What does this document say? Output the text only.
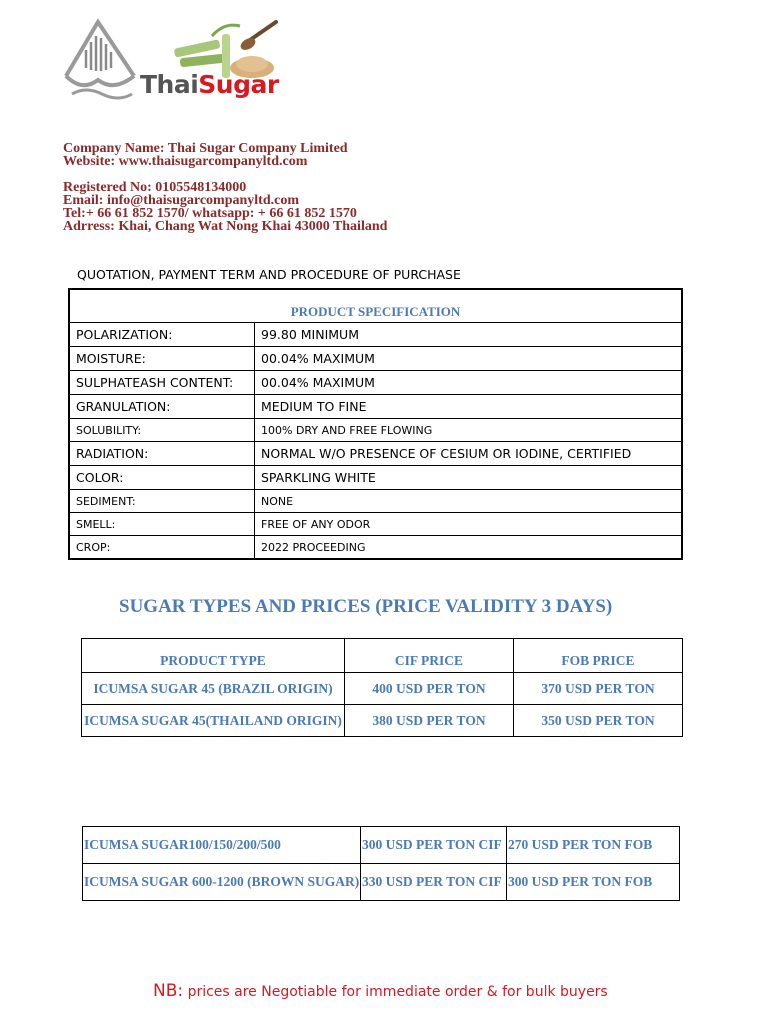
ThaiSugar
Company Name: Thai Sugar Company Limited
Website: www.thaisugarcompanyltd.com
Registered No: 0105548134000
Email: info@thaisugarcompanyltd.com
Tel:+ 66 61 852 1570/ whatsapp: + 66 61 852 1570
Adrress: Khai, Chang Wat Nong Khai 43000 Thailand
QUOTATION, PAYMENT TERM AND PROCEDURE OF PURCHASE
PRODUCT SPECIFICATION	
POLARIZATION:	99.80 MINIMUM
MOISTURE:	00.04% MAXIMUM
SULPHATEASH CONTENT:	00.04% MAXIMUM
GRANULATION:	MEDIUM TO FINE
SOLUBILITY:	100% DRY AND FREE FLOWING
RADIATION:	NORMAL W/O PRESENCE OF CESIUM OR IODINE, CERTIFIED
COLOR:	SPARKLING WHITE
SEDIMENT:	NONE
SMELL:	FREE OF ANY ODOR
CROP:	2022 PROCEEDING
SUGAR TYPES AND PRICES (PRICE VALIDITY 3 DAYS)
PRODUCT TYPE	CIF PRICE	FOB PRICE
ICUMSA SUGAR 45 (BRAZIL ORIGIN)	400 USD PER TON	370 USD PER TON
ICUMSA SUGAR 45(THAILAND ORIGIN)	380 USD PER TON	350 USD PER TON
ICUMSA SUGAR100/150/200/500	300 USD PER TON CIF	270 USD PER TON FOB
ICUMSA SUGAR 600-1200 (BROWN SUGAR)	330 USD PER TON CIF	300 USD PER TON FOB
NB: prices are Negotiable for immediate order & for bulk buyers
